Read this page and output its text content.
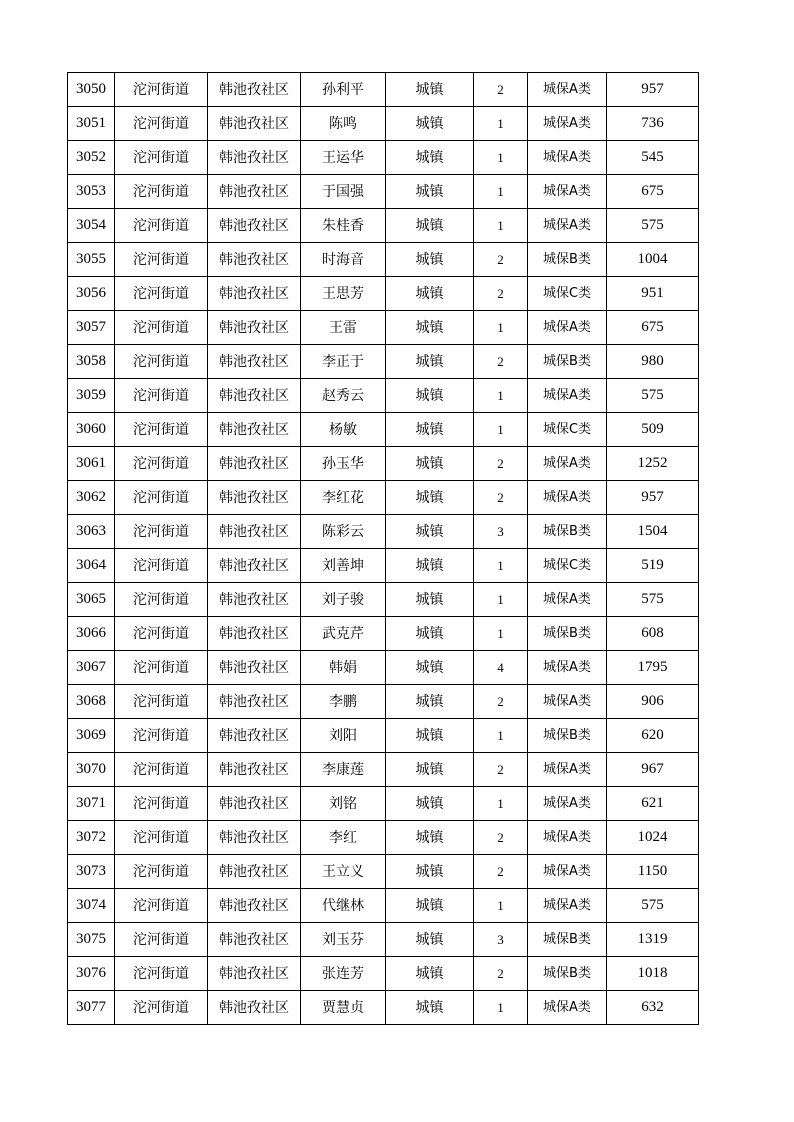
3050	沱河街道	韩池孜社区	孙利平	城镇	2	城保A类	957
3051	沱河街道	韩池孜社区	陈鸣	城镇	1	城保A类	736
3052	沱河街道	韩池孜社区	王运华	城镇	1	城保A类	545
3053	沱河街道	韩池孜社区	于国强	城镇	1	城保A类	675
3054	沱河街道	韩池孜社区	朱桂香	城镇	1	城保A类	575
3055	沱河街道	韩池孜社区	时海音	城镇	2	城保B类	1004
3056	沱河街道	韩池孜社区	王思芳	城镇	2	城保C类	951
3057	沱河街道	韩池孜社区	王雷	城镇	1	城保A类	675
3058	沱河街道	韩池孜社区	李正于	城镇	2	城保B类	980
3059	沱河街道	韩池孜社区	赵秀云	城镇	1	城保A类	575
3060	沱河街道	韩池孜社区	杨敏	城镇	1	城保C类	509
3061	沱河街道	韩池孜社区	孙玉华	城镇	2	城保A类	1252
3062	沱河街道	韩池孜社区	李红花	城镇	2	城保A类	957
3063	沱河街道	韩池孜社区	陈彩云	城镇	3	城保B类	1504
3064	沱河街道	韩池孜社区	刘善坤	城镇	1	城保C类	519
3065	沱河街道	韩池孜社区	刘子骏	城镇	1	城保A类	575
3066	沱河街道	韩池孜社区	武克芹	城镇	1	城保B类	608
3067	沱河街道	韩池孜社区	韩娟	城镇	4	城保A类	1795
3068	沱河街道	韩池孜社区	李鹏	城镇	2	城保A类	906
3069	沱河街道	韩池孜社区	刘阳	城镇	1	城保B类	620
3070	沱河街道	韩池孜社区	李康莲	城镇	2	城保A类	967
3071	沱河街道	韩池孜社区	刘铭	城镇	1	城保A类	621
3072	沱河街道	韩池孜社区	李红	城镇	2	城保A类	1024
3073	沱河街道	韩池孜社区	王立义	城镇	2	城保A类	1150
3074	沱河街道	韩池孜社区	代继林	城镇	1	城保A类	575
3075	沱河街道	韩池孜社区	刘玉芬	城镇	3	城保B类	1319
3076	沱河街道	韩池孜社区	张连芳	城镇	2	城保B类	1018
3077	沱河街道	韩池孜社区	贾慧贞	城镇	1	城保A类	632
